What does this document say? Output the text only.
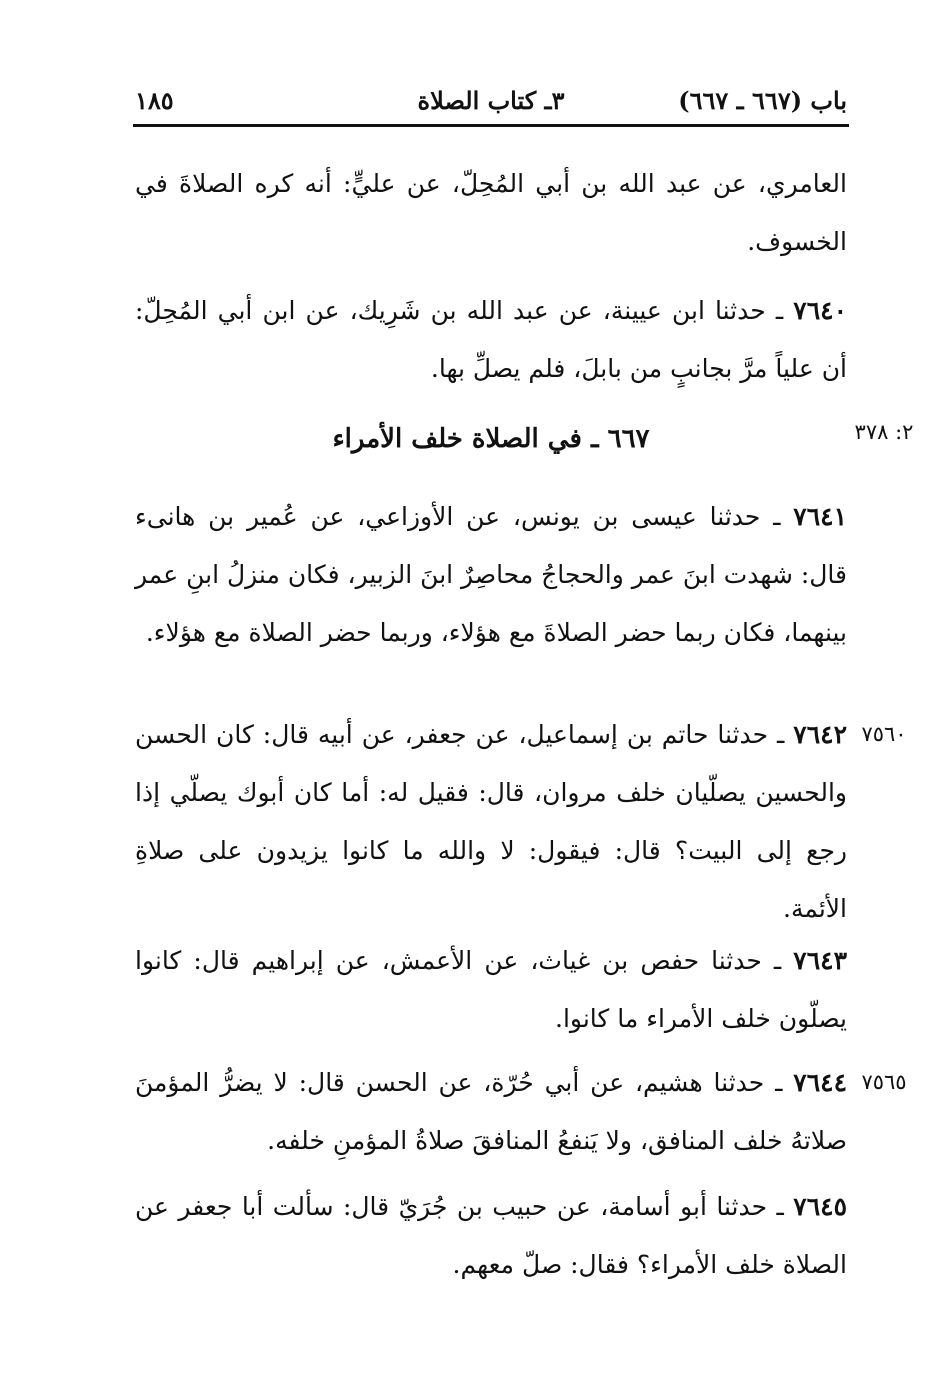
باب (٦٦٧ ـ ٦٦٧)
٣ـ كتاب الصلاة
١٨٥
العامري، عن عبد الله بن أبي المُحِلّ، عن عليٍّ: أنه كره الصلاةَ في الخسوف.
٧٦٤٠ ـ حدثنا ابن عيينة، عن عبد الله بن شَرِيك، عن ابن أبي المُحِلّ: أن علياً مرَّ بجانبٍ من بابلَ، فلم يصلِّ بها.
٢: ٣٧٨
٦٦٧ ـ في الصلاة خلف الأمراء
٧٦٤١ ـ حدثنا عيسى بن يونس، عن الأوزاعي، عن عُمير بن هانىء قال: شهدت ابنَ عمر والحجاجُ محاصِرٌ ابنَ الزبير، فكان منزلُ ابنِ عمر بينهما، فكان ربما حضر الصلاةَ مع هؤلاء، وربما حضر الصلاة مع هؤلاء.
٧٥٦٠
٧٦٤٢ ـ حدثنا حاتم بن إسماعيل، عن جعفر، عن أبيه قال: كان الحسن والحسين يصلّيان خلف مروان، قال: فقيل له: أما كان أبوك يصلّي إذا رجع إلى البيت؟ قال: فيقول: لا والله ما كانوا يزيدون على صلاةِ الأئمة.
٧٦٤٣ ـ حدثنا حفص بن غياث، عن الأعمش، عن إبراهيم قال: كانوا يصلّون خلف الأمراء ما كانوا.
٧٥٦٥
٧٦٤٤ ـ حدثنا هشيم، عن أبي حُرّة، عن الحسن قال: لا يضرُّ المؤمنَ صلاتهُ خلف المنافق، ولا يَنفعُ المنافقَ صلاةُ المؤمنِ خلفه.
٧٦٤٥ ـ حدثنا أبو أسامة، عن حبيب بن جُرَيّ قال: سألت أبا جعفر عن الصلاة خلف الأمراء؟ فقال: صلّ معهم.
